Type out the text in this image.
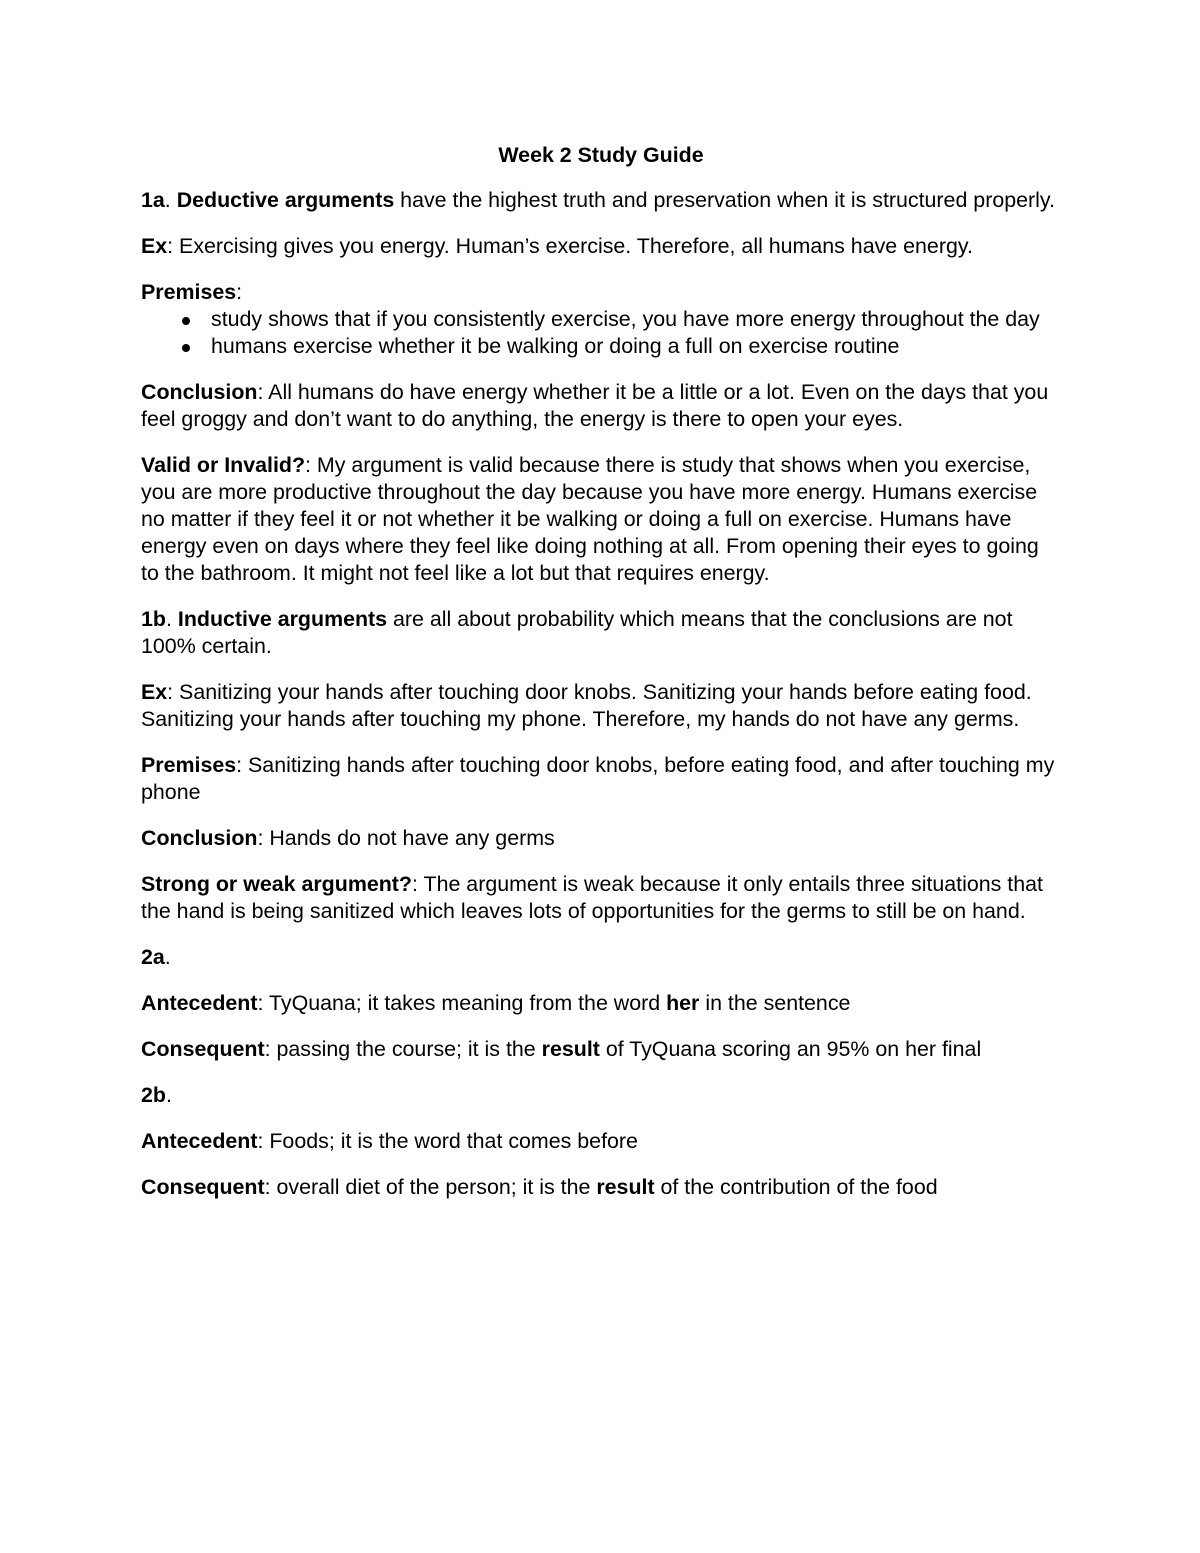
Week 2 Study Guide

1a. Deductive arguments have the highest truth and preservation when it is structured properly.

Ex: Exercising gives you energy. Human’s exercise. Therefore, all humans have energy.

Premises:

study shows that if you consistently exercise, you have more energy throughout the day
humans exercise whether it be walking or doing a full on exercise routine

Conclusion: All humans do have energy whether it be a little or a lot. Even on the days that you feel groggy and don’t want to do anything, the energy is there to open your eyes.

Valid or Invalid?: My argument is valid because there is study that shows when you exercise, you are more productive throughout the day because you have more energy. Humans exercise no matter if they feel it or not whether it be walking or doing a full on exercise. Humans have energy even on days where they feel like doing nothing at all. From opening their eyes to going to the bathroom. It might not feel like a lot but that requires energy.

1b. Inductive arguments are all about probability which means that the conclusions are not 100% certain.

Ex: Sanitizing your hands after touching door knobs. Sanitizing your hands before eating food. Sanitizing your hands after touching my phone. Therefore, my hands do not have any germs.

Premises: Sanitizing hands after touching door knobs, before eating food, and after touching my phone

Conclusion: Hands do not have any germs

Strong or weak argument?: The argument is weak because it only entails three situations that the hand is being sanitized which leaves lots of opportunities for the germs to still be on hand.

2a.

Antecedent: TyQuana; it takes meaning from the word her in the sentence

Consequent: passing the course; it is the result of TyQuana scoring an 95% on her final

2b.

Antecedent: Foods; it is the word that comes before

Consequent: overall diet of the person; it is the result of the contribution of the food
